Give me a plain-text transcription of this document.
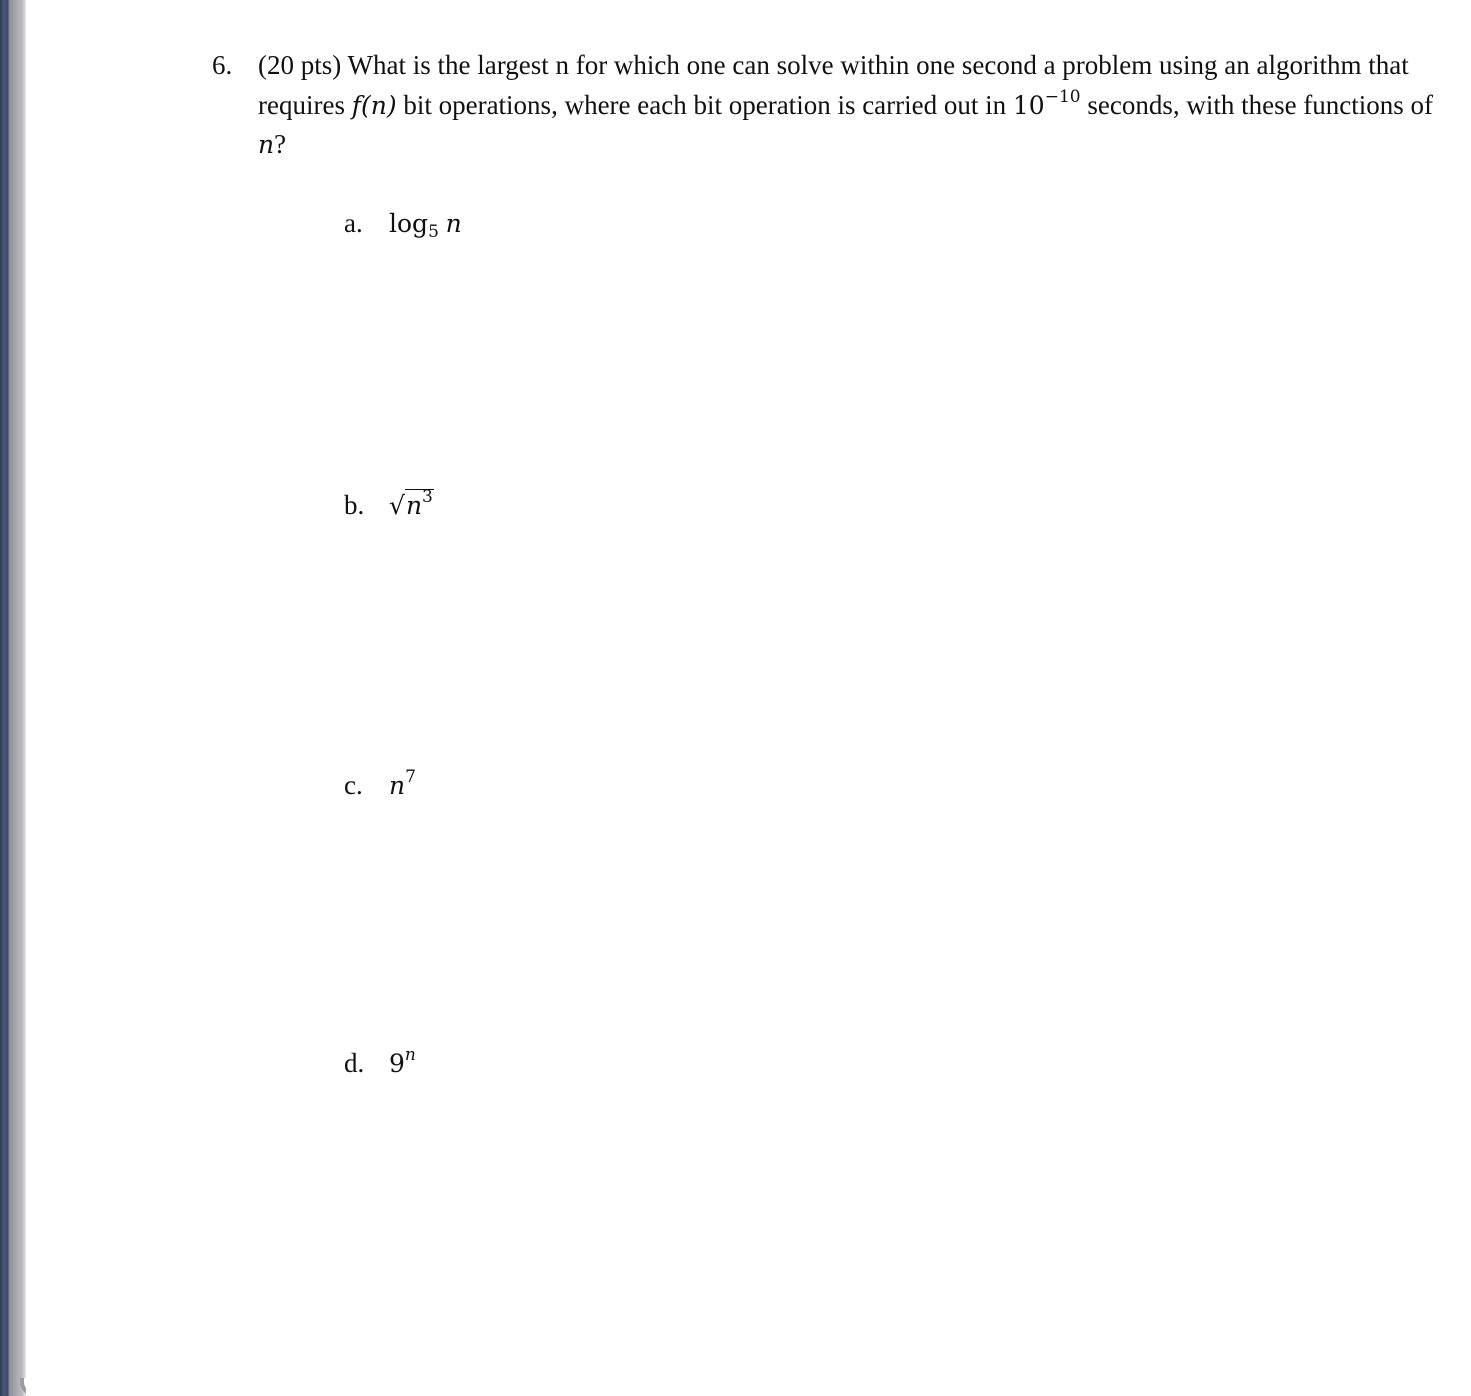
6. (20 pts) What is the largest n for which one can solve within one second a problem using an algorithm that requires f(n) bit operations, where each bit operation is carried out in $10^{-10}$ seconds, with these functions of n?
a. $\log_5 n$
b. $√n^3$
c. $n^7$
d. 9$^n$
